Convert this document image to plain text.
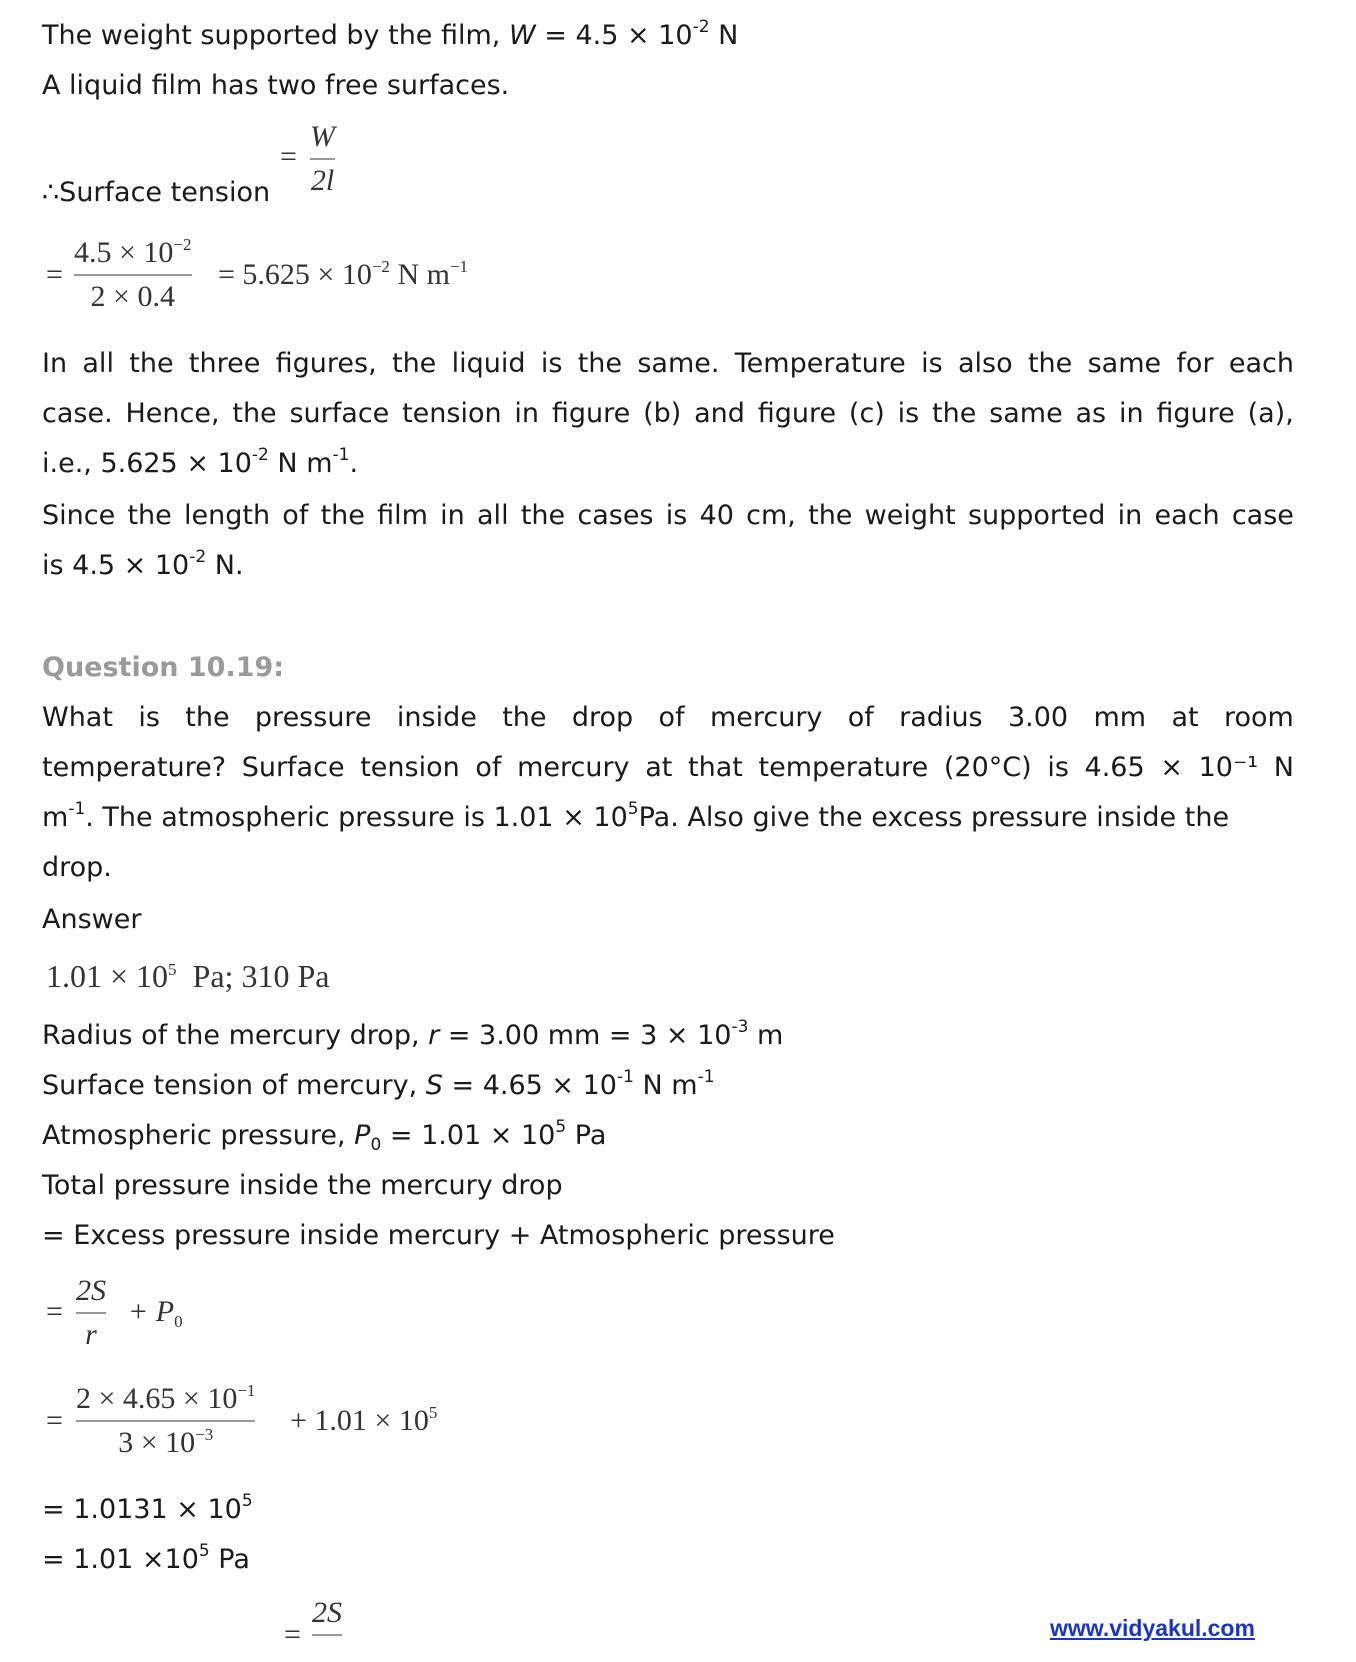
The weight supported by the film, $W = 4.5 \times 10^{-2}$ N
A liquid film has two free surfaces.
∴Surface tension
=
W
2l
=
$4.5 \times 10^{-2}$
2 × 0.4
= $5.625 \times 10^{-2}$ N $m^{-1}$
In all the three figures, the liquid is the same. Temperature is also the same for each
case. Hence, the surface tension in figure (b) and figure (c) is the same as in figure (a),
i.e., $5.625 \times 10^{-2}$ N $m^{-1}$.
Since the length of the film in all the cases is 40 cm, the weight supported in each case
is $4.5 \times 10^{-2}$ N.
Question 10.19:
What is the pressure inside the drop of mercury of radius 3.00 mm at room
temperature? Surface tension of mercury at that temperature (20°C) is 4.65 × 10⁻¹ N
$m^{-1}$. The atmospheric pressure is $1.01 \times 10^5Pa$. Also give the excess pressure inside the
drop.
Answer
$1.01 \times 10^5$  Pa; 310 Pa
Radius of the mercury drop, r = 3.00 mm = $3 \times 10^{-3}$ m
Surface tension of mercury, $S = 4.65 \times 10^{-1}$ N $m^{-1}$
Atmospheric pressure, $P_0 = 1.01 \times 10^5$ Pa
Total pressure inside the mercury drop
= Excess pressure inside mercury + Atmospheric pressure
=
2S
r
+ $P_0$
=
$2 \times 4.65 \times 10^{-1}$
$3 \times 10^{-3}$	+ $1.01 \times 10^5$
= $1.0131 \times 10^5$
= $1.01 \times 10^5$ Pa
=
2S	www.vidyakul.com
